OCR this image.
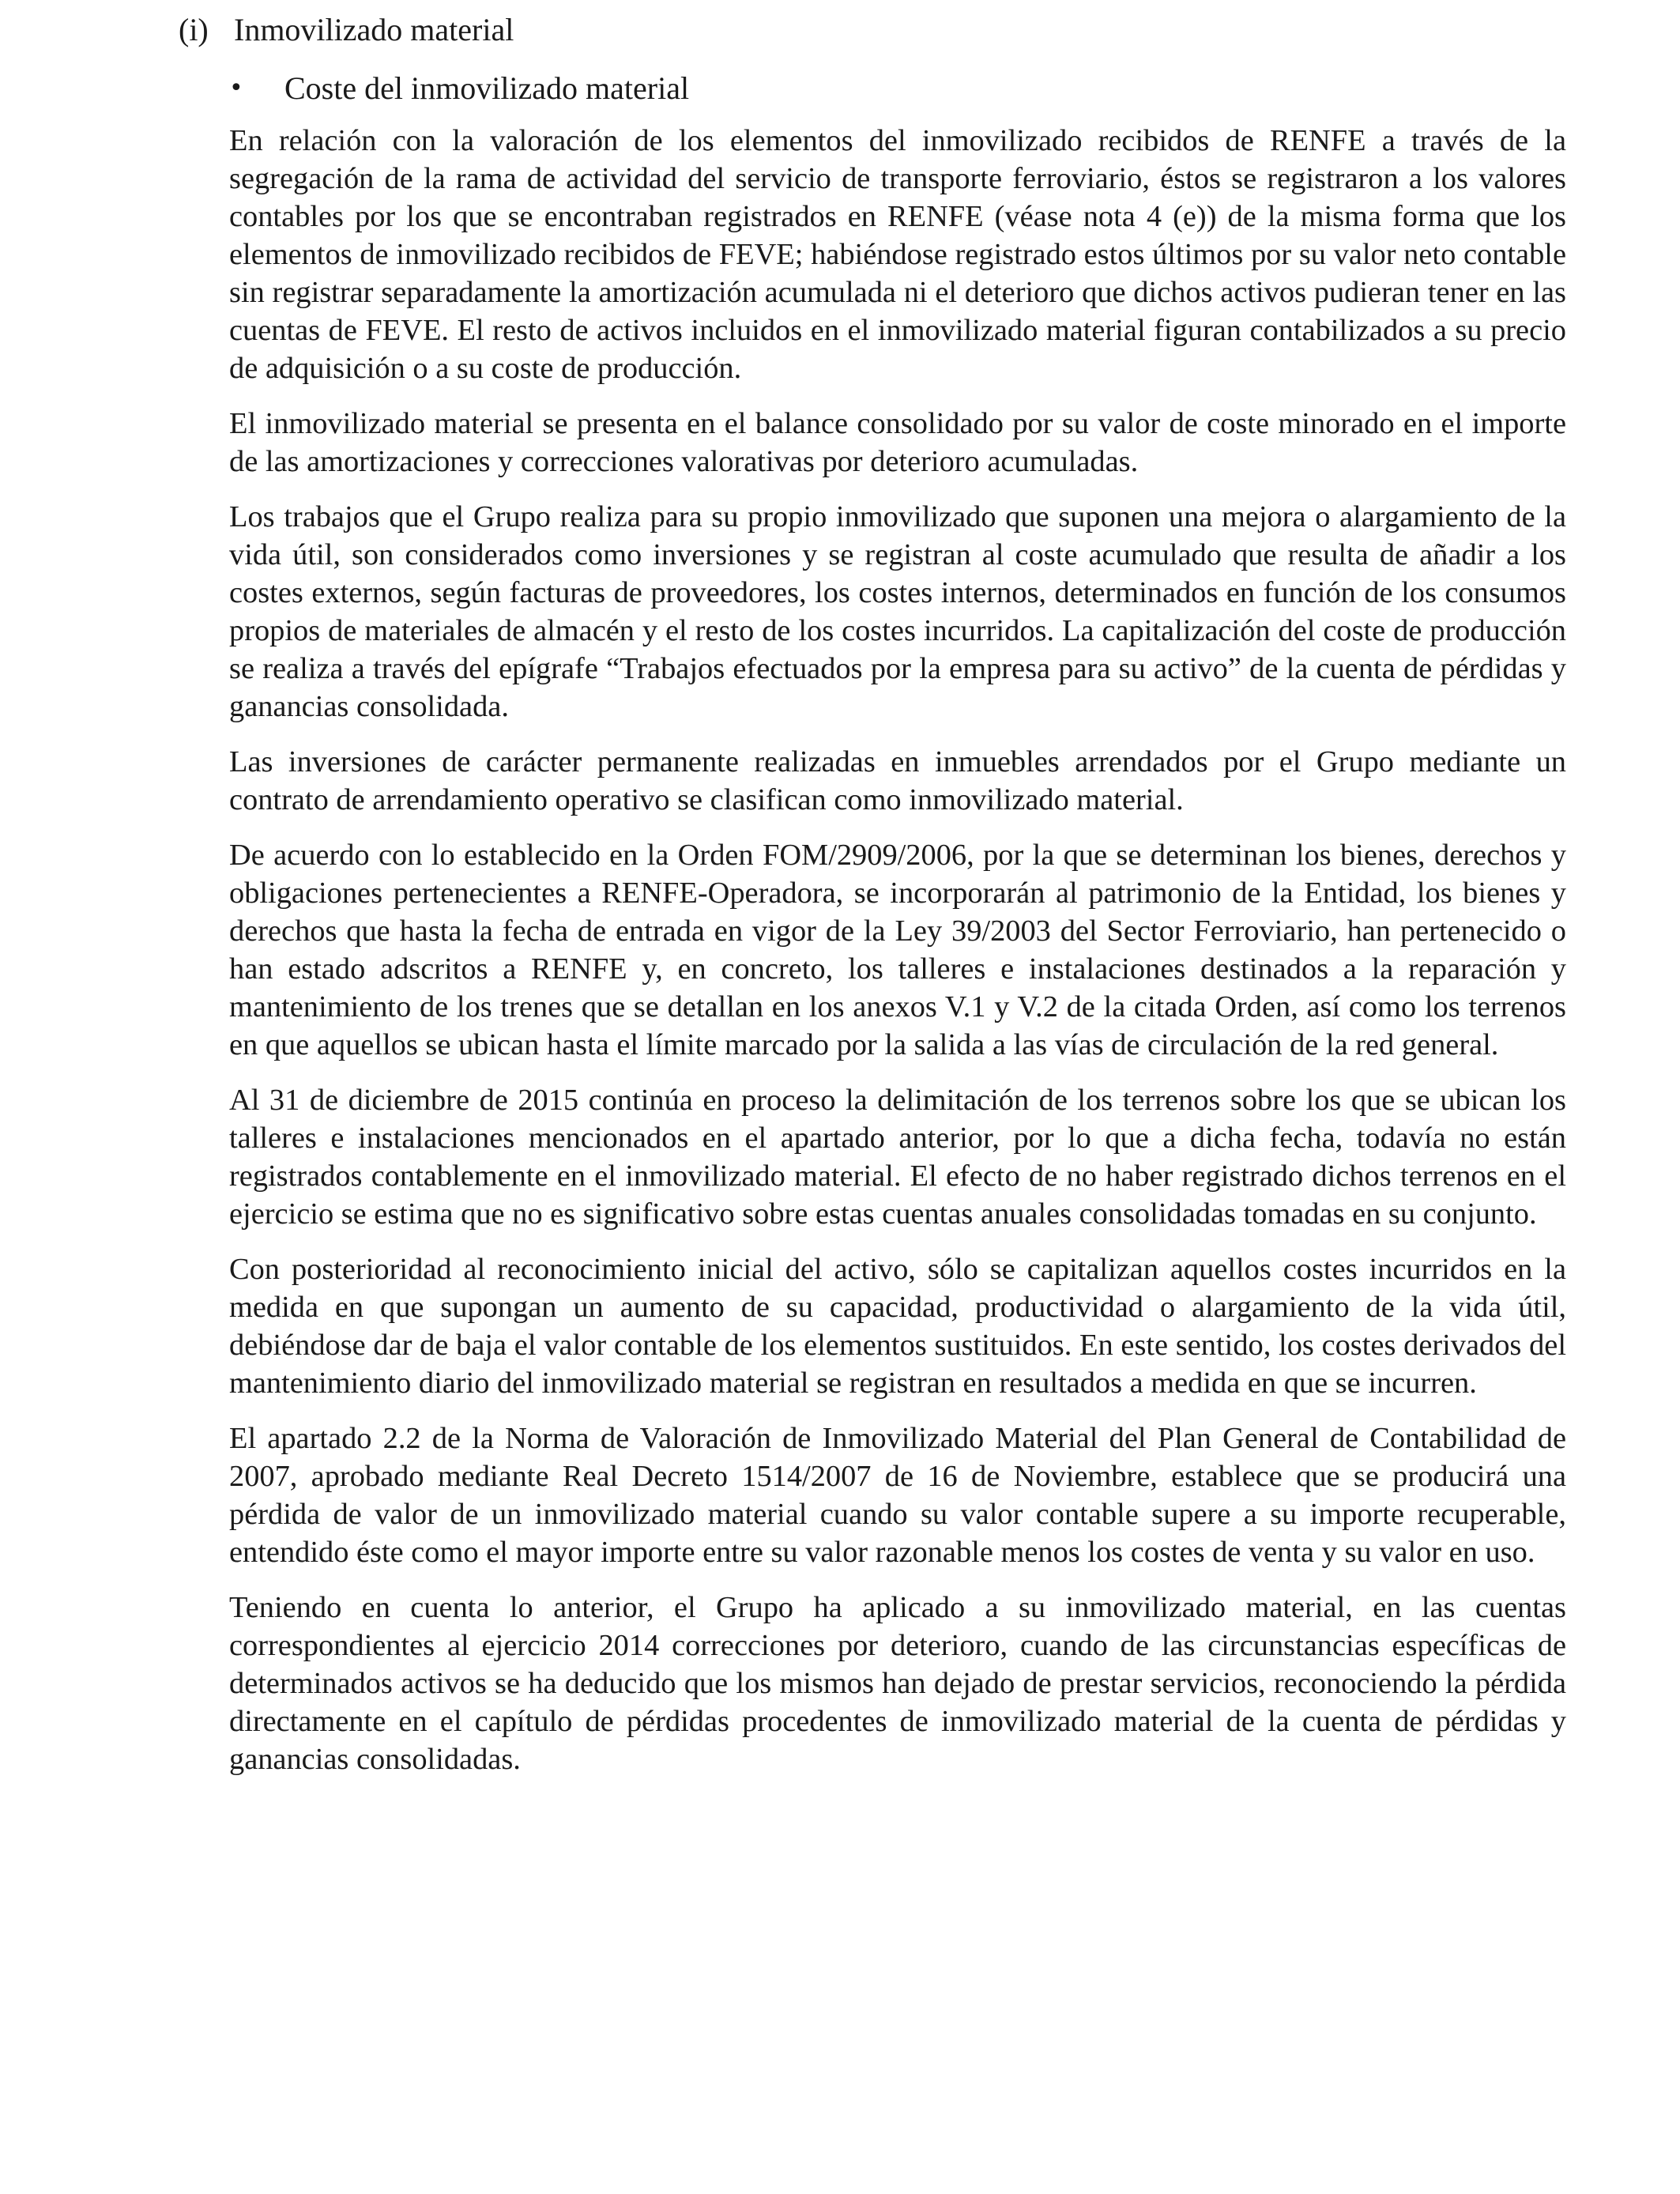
(i) Inmovilizado material
• Coste del inmovilizado material

En relación con la valoración de los elementos del inmovilizado recibidos de RENFE a través de la segregación de la rama de actividad del servicio de transporte ferroviario, éstos se registraron a los valores contables por los que se encontraban registrados en RENFE (véase nota 4 (e)) de la misma forma que los elementos de inmovilizado recibidos de FEVE; habiéndose registrado estos últimos por su valor neto contable sin registrar separadamente la amortización acumulada ni el deterioro que dichos activos pudieran tener en las cuentas de FEVE. El resto de activos incluidos en el inmovilizado material figuran contabilizados a su precio de adquisición o a su coste de producción.

El inmovilizado material se presenta en el balance consolidado por su valor de coste minorado en el importe de las amortizaciones y correcciones valorativas por deterioro acumuladas.

Los trabajos que el Grupo realiza para su propio inmovilizado que suponen una mejora o alargamiento de la vida útil, son considerados como inversiones y se registran al coste acumulado que resulta de añadir a los costes externos, según facturas de proveedores, los costes internos, determinados en función de los consumos propios de materiales de almacén y el resto de los costes incurridos. La capitalización del coste de producción se realiza a través del epígrafe “Trabajos efectuados por la empresa para su activo” de la cuenta de pérdidas y ganancias consolidada.

Las inversiones de carácter permanente realizadas en inmuebles arrendados por el Grupo mediante un contrato de arrendamiento operativo se clasifican como inmovilizado material.

De acuerdo con lo establecido en la Orden FOM/2909/2006, por la que se determinan los bienes, derechos y obligaciones pertenecientes a RENFE-Operadora, se incorporarán al patrimonio de la Entidad, los bienes y derechos que hasta la fecha de entrada en vigor de la Ley 39/2003 del Sector Ferroviario, han pertenecido o han estado adscritos a RENFE y, en concreto, los talleres e instalaciones destinados a la reparación y mantenimiento de los trenes que se detallan en los anexos V.1 y V.2 de la citada Orden, así como los terrenos en que aquellos se ubican hasta el límite marcado por la salida a las vías de circulación de la red general.

Al 31 de diciembre de 2015 continúa en proceso la delimitación de los terrenos sobre los que se ubican los talleres e instalaciones mencionados en el apartado anterior, por lo que a dicha fecha, todavía no están registrados contablemente en el inmovilizado material. El efecto de no haber registrado dichos terrenos en el ejercicio se estima que no es significativo sobre estas cuentas anuales consolidadas tomadas en su conjunto.

Con posterioridad al reconocimiento inicial del activo, sólo se capitalizan aquellos costes incurridos en la medida en que supongan un aumento de su capacidad, productividad o alargamiento de la vida útil, debiéndose dar de baja el valor contable de los elementos sustituidos. En este sentido, los costes derivados del mantenimiento diario del inmovilizado material se registran en resultados a medida en que se incurren.

El apartado 2.2 de la Norma de Valoración de Inmovilizado Material del Plan General de Contabilidad de 2007, aprobado mediante Real Decreto 1514/2007 de 16 de Noviembre, establece que se producirá una pérdida de valor de un inmovilizado material cuando su valor contable supere a su importe recuperable, entendido éste como el mayor importe entre su valor razonable menos los costes de venta y su valor en uso.

Teniendo en cuenta lo anterior, el Grupo ha aplicado a su inmovilizado material, en las cuentas correspondientes al ejercicio 2014 correcciones por deterioro, cuando de las circunstancias específicas de determinados activos se ha deducido que los mismos han dejado de prestar servicios, reconociendo la pérdida directamente en el capítulo de pérdidas procedentes de inmovilizado material de la cuenta de pérdidas y ganancias consolidadas.
